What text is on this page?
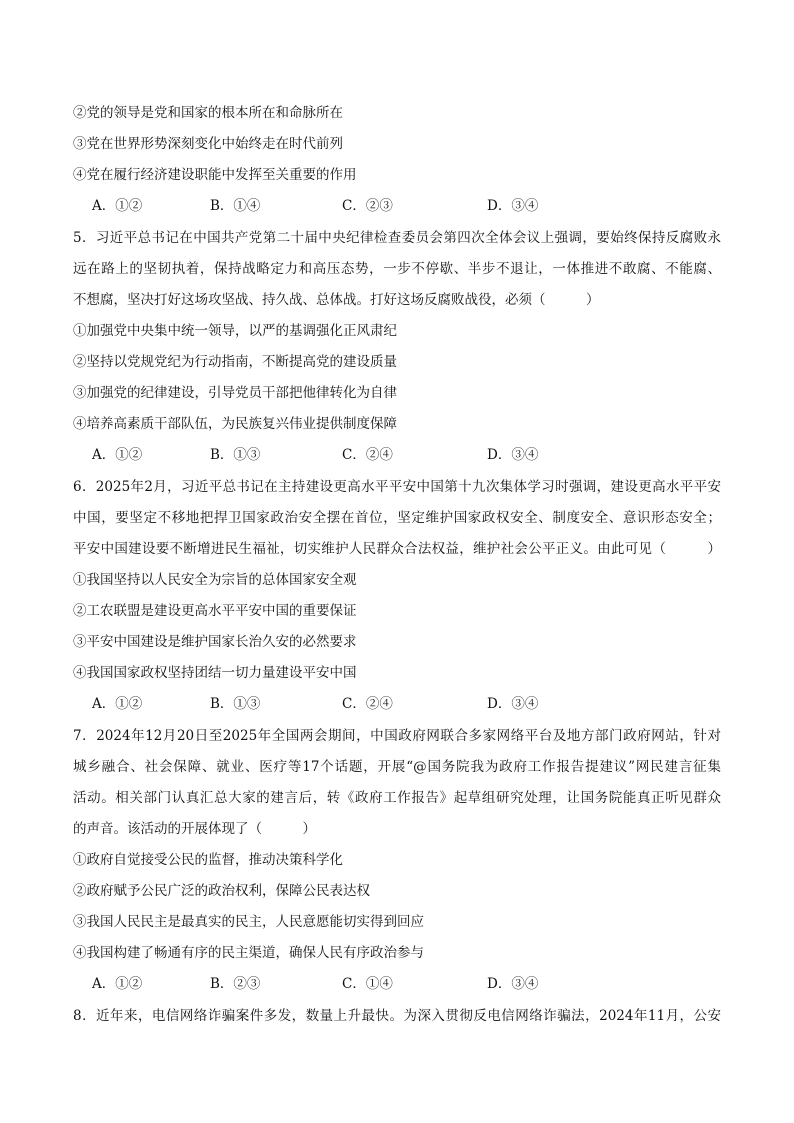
②党的领导是党和国家的根本所在和命脉所在
③党在世界形势深刻变化中始终走在时代前列
④党在履行经济建设职能中发挥至关重要的作用
A．①②	B．①④	C．②③	D．③④
5．习近平总书记在中国共产党第二十届中央纪律检查委员会第四次全体会议上强调，要始终保持反腐败永
远在路上的坚韧执着，保持战略定力和高压态势，一步不停歇、半步不退让，一体推进不敢腐、不能腐、
不想腐，坚决打好这场攻坚战、持久战、总体战。打好这场反腐败战役，必须（　　　）
①加强党中央集中统一领导，以严的基调强化正风肃纪
②坚持以党规党纪为行动指南，不断提高党的建设质量
③加强党的纪律建设，引导党员干部把他律转化为自律
④培养高素质干部队伍，为民族复兴伟业提供制度保障
A．①②	B．①③	C．②④	D．③④
6．2025年2月，习近平总书记在主持建设更高水平平安中国第十九次集体学习时强调，建设更高水平平安
中国，要坚定不移地把捍卫国家政治安全摆在首位，坚定维护国家政权安全、制度安全、意识形态安全；
平安中国建设要不断增进民生福祉，切实维护人民群众合法权益，维护社会公平正义。由此可见（　　　）
①我国坚持以人民安全为宗旨的总体国家安全观
②工农联盟是建设更高水平平安中国的重要保证
③平安中国建设是维护国家长治久安的必然要求
④我国国家政权坚持团结一切力量建设平安中国
A．①②	B．①③	C．②④	D．③④
7．2024年12月20日至2025年全国两会期间，中国政府网联合多家网络平台及地方部门政府网站，针对
城乡融合、社会保障、就业、医疗等17个话题，开展“@国务院我为政府工作报告提建议”网民建言征集
活动。相关部门认真汇总大家的建言后，转《政府工作报告》起草组研究处理，让国务院能真正听见群众
的声音。该活动的开展体现了（　　　）
①政府自觉接受公民的监督，推动决策科学化
②政府赋予公民广泛的政治权利，保障公民表达权
③我国人民民主是最真实的民主，人民意愿能切实得到回应
④我国构建了畅通有序的民主渠道，确保人民有序政治参与
A．①②	B．②③	C．①④	D．③④
8．近年来，电信网络诈骗案件多发，数量上升最快。为深入贯彻反电信网络诈骗法，2024年11月，公安
